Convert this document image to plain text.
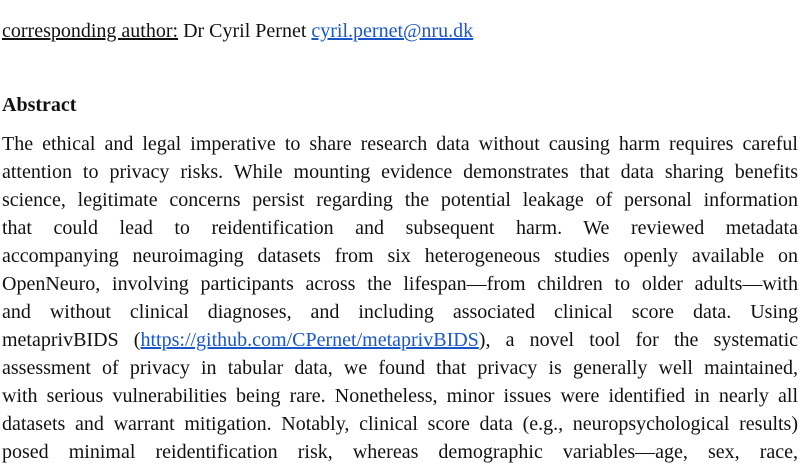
corresponding author: Dr Cyril Pernet cyril.pernet@nru.dk
Abstract
The ethical and legal imperative to share research data without causing harm requires careful
attention to privacy risks. While mounting evidence demonstrates that data sharing benefits
science, legitimate concerns persist regarding the potential leakage of personal information
that could lead to reidentification and subsequent harm. We reviewed metadata
accompanying neuroimaging datasets from six heterogeneous studies openly available on
OpenNeuro, involving participants across the lifespan—from children to older adults—with
and without clinical diagnoses, and including associated clinical score data. Using
metaprivBIDS (https://github.com/CPernet/metaprivBIDS), a novel tool for the systematic
assessment of privacy in tabular data, we found that privacy is generally well maintained,
with serious vulnerabilities being rare. Nonetheless, minor issues were identified in nearly all
datasets and warrant mitigation. Notably, clinical score data (e.g., neuropsychological results)
posed minimal reidentification risk, whereas demographic variables—age, sex, race,
